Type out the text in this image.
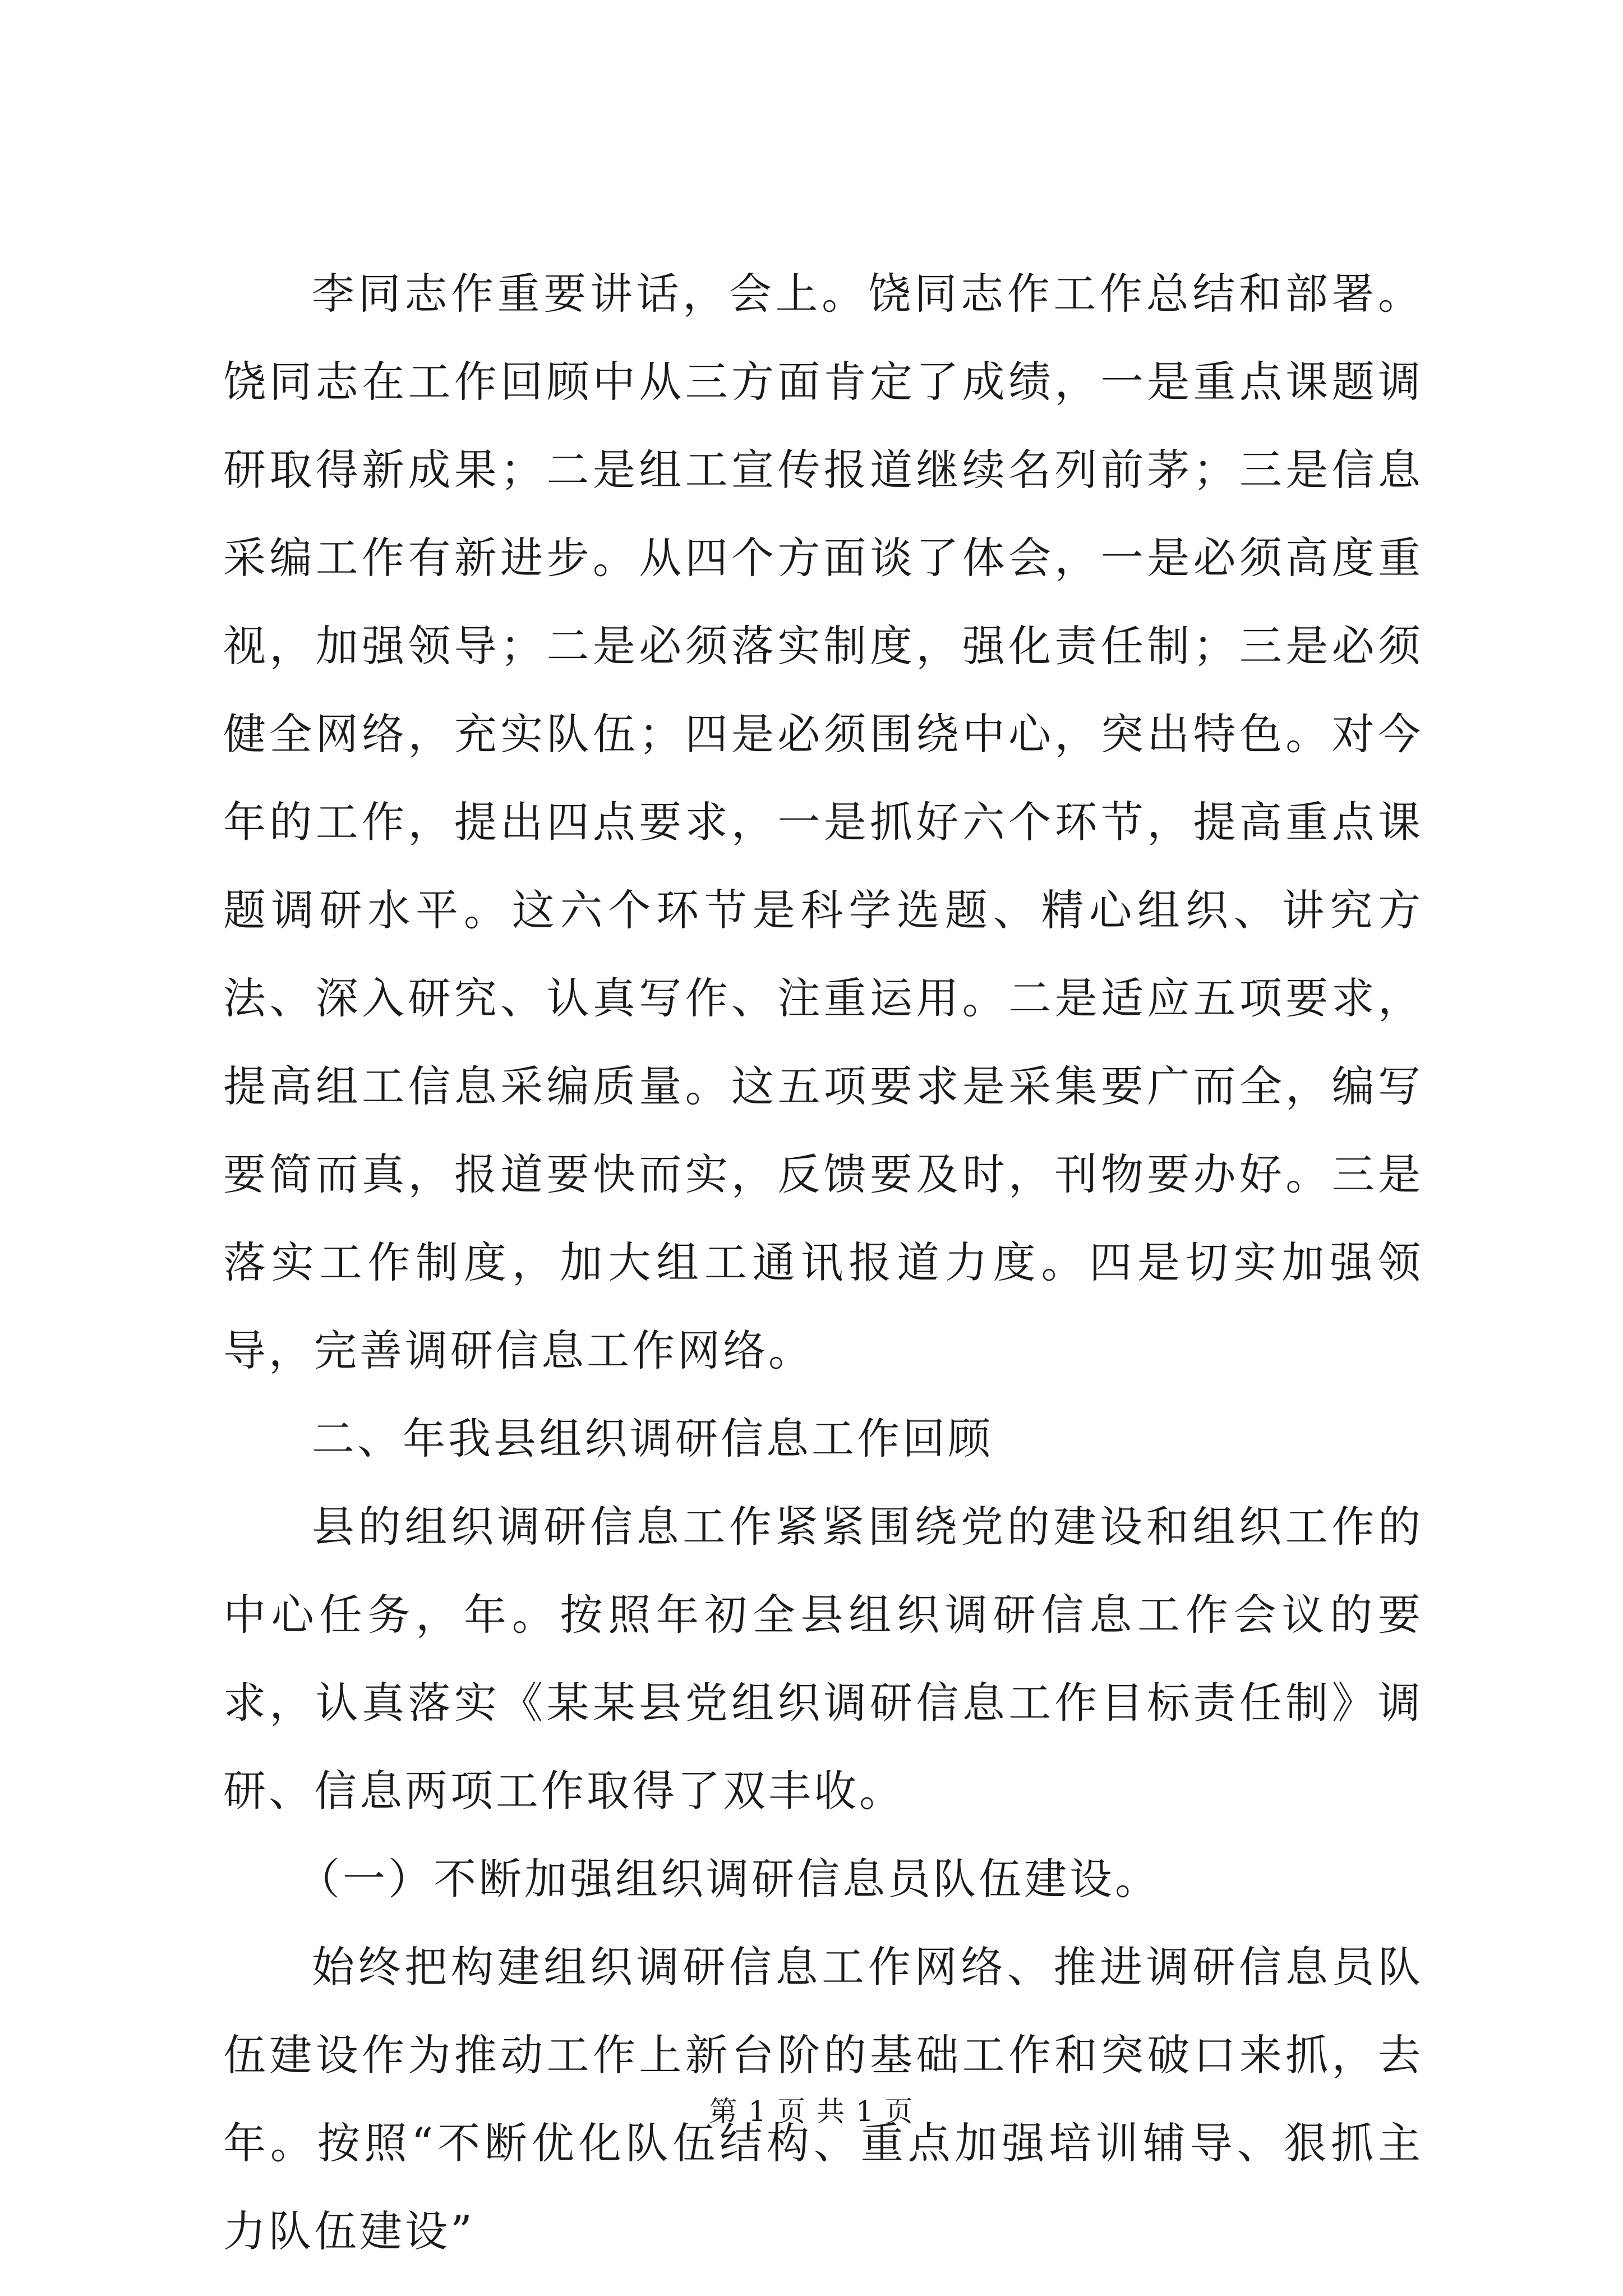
李同志作重要讲话，会上。饶同志作工作总结和部署。饶同志在工作回顾中从三方面肯定了成绩，一是重点课题调研取得新成果；二是组工宣传报道继续名列前茅；三是信息采编工作有新进步。从四个方面谈了体会，一是必须高度重视，加强领导；二是必须落实制度，强化责任制；三是必须健全网络，充实队伍；四是必须围绕中心，突出特色。对今年的工作，提出四点要求，一是抓好六个环节，提高重点课题调研水平。这六个环节是科学选题、精心组织、讲究方法、深入研究、认真写作、注重运用。二是适应五项要求，提高组工信息采编质量。这五项要求是采集要广而全，编写要简而真，报道要快而实，反馈要及时，刊物要办好。三是落实工作制度，加大组工通讯报道力度。四是切实加强领导，完善调研信息工作网络。

二、年我县组织调研信息工作回顾

县的组织调研信息工作紧紧围绕党的建设和组织工作的中心任务，年。按照年初全县组织调研信息工作会议的要求，认真落实《某某县党组织调研信息工作目标责任制》调研、信息两项工作取得了双丰收。

（一）不断加强组织调研信息员队伍建设。

始终把构建组织调研信息工作网络、推进调研信息员队伍建设作为推动工作上新台阶的基础工作和突破口来抓，去年。按照“不断优化队伍结构、重点加强培训辅导、狠抓主力队伍建设”

第 1 页 共 1 页
